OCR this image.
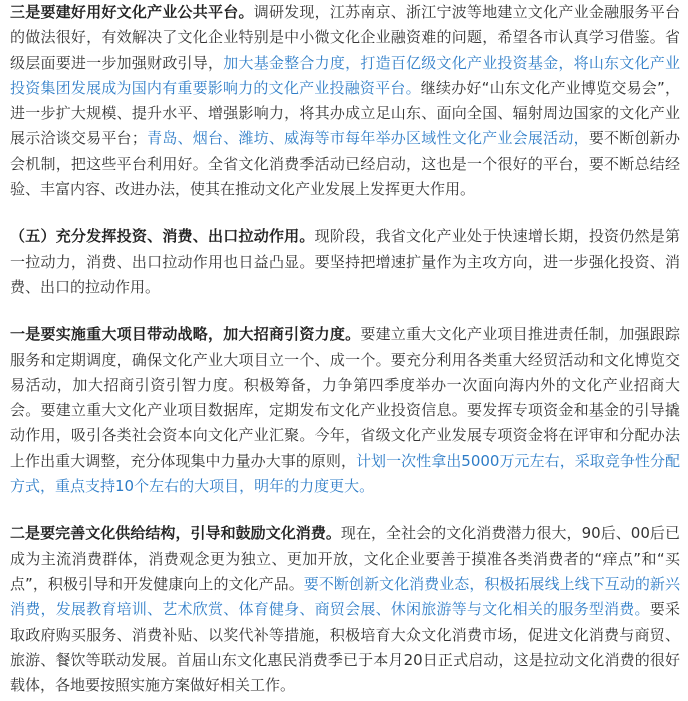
三是要建好用好文化产业公共平台。调研发现，江苏南京、浙江宁波等地建立文化产业金融服务平台的做法很好，有效解决了文化企业特别是中小微文化企业融资难的问题，希望各市认真学习借鉴。省级层面要进一步加强财政引导，加大基金整合力度，打造百亿级文化产业投资基金，将山东文化产业投资集团发展成为国内有重要影响力的文化产业投融资平台。继续办好“山东文化产业博览交易会”，进一步扩大规模、提升水平、增强影响力，将其办成立足山东、面向全国、辐射周边国家的文化产业展示洽谈交易平台；青岛、烟台、潍坊、威海等市每年举办区域性文化产业会展活动，要不断创新办会机制，把这些平台利用好。全省文化消费季活动已经启动，这也是一个很好的平台，要不断总结经验、丰富内容、改进办法，使其在推动文化产业发展上发挥更大作用。

（五）充分发挥投资、消费、出口拉动作用。现阶段，我省文化产业处于快速增长期，投资仍然是第一拉动力，消费、出口拉动作用也日益凸显。要坚持把增速扩量作为主攻方向，进一步强化投资、消费、出口的拉动作用。

一是要实施重大项目带动战略，加大招商引资力度。要建立重大文化产业项目推进责任制，加强跟踪服务和定期调度，确保文化产业大项目立一个、成一个。要充分利用各类重大经贸活动和文化博览交易活动，加大招商引资引智力度。积极筹备，力争第四季度举办一次面向海内外的文化产业招商大会。要建立重大文化产业项目数据库，定期发布文化产业投资信息。要发挥专项资金和基金的引导撬动作用，吸引各类社会资本向文化产业汇聚。今年，省级文化产业发展专项资金将在评审和分配办法上作出重大调整，充分体现集中力量办大事的原则，计划一次性拿出5000万元左右，采取竞争性分配方式，重点支持10个左右的大项目，明年的力度更大。

二是要完善文化供给结构，引导和鼓励文化消费。现在，全社会的文化消费潜力很大，90后、00后已成为主流消费群体，消费观念更为独立、更加开放，文化企业要善于摸准各类消费者的“痒点”和“买点”，积极引导和开发健康向上的文化产品。要不断创新文化消费业态，积极拓展线上线下互动的新兴消费，发展教育培训、艺术欣赏、体育健身、商贸会展、休闲旅游等与文化相关的服务型消费。要采取政府购买服务、消费补贴、以奖代补等措施，积极培育大众文化消费市场，促进文化消费与商贸、旅游、餐饮等联动发展。首届山东文化惠民消费季已于本月20日正式启动，这是拉动文化消费的很好载体，各地要按照实施方案做好相关工作。
